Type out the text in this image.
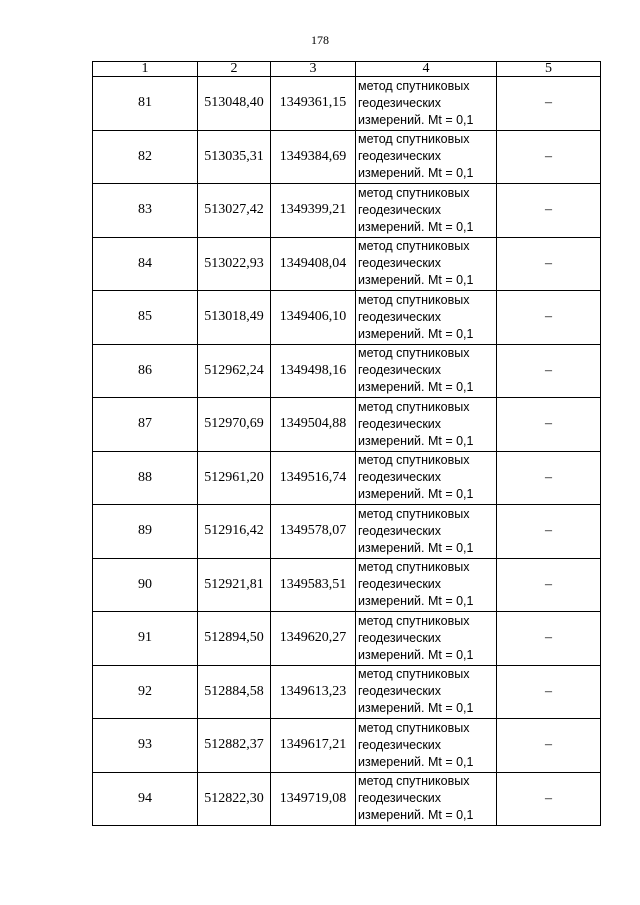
178
1	2	3	4	5
81	513048,40	1349361,15	метод спутниковых
геодезических
измерений. Mt = 0,1	–
82	513035,31	1349384,69	метод спутниковых
геодезических
измерений. Mt = 0,1	–
83	513027,42	1349399,21	метод спутниковых
геодезических
измерений. Mt = 0,1	–
84	513022,93	1349408,04	метод спутниковых
геодезических
измерений. Mt = 0,1	–
85	513018,49	1349406,10	метод спутниковых
геодезических
измерений. Mt = 0,1	–
86	512962,24	1349498,16	метод спутниковых
геодезических
измерений. Mt = 0,1	–
87	512970,69	1349504,88	метод спутниковых
геодезических
измерений. Mt = 0,1	–
88	512961,20	1349516,74	метод спутниковых
геодезических
измерений. Mt = 0,1	–
89	512916,42	1349578,07	метод спутниковых
геодезических
измерений. Mt = 0,1	–
90	512921,81	1349583,51	метод спутниковых
геодезических
измерений. Mt = 0,1	–
91	512894,50	1349620,27	метод спутниковых
геодезических
измерений. Mt = 0,1	–
92	512884,58	1349613,23	метод спутниковых
геодезических
измерений. Mt = 0,1	–
93	512882,37	1349617,21	метод спутниковых
геодезических
измерений. Mt = 0,1	–
94	512822,30	1349719,08	метод спутниковых
геодезических
измерений. Mt = 0,1	–
